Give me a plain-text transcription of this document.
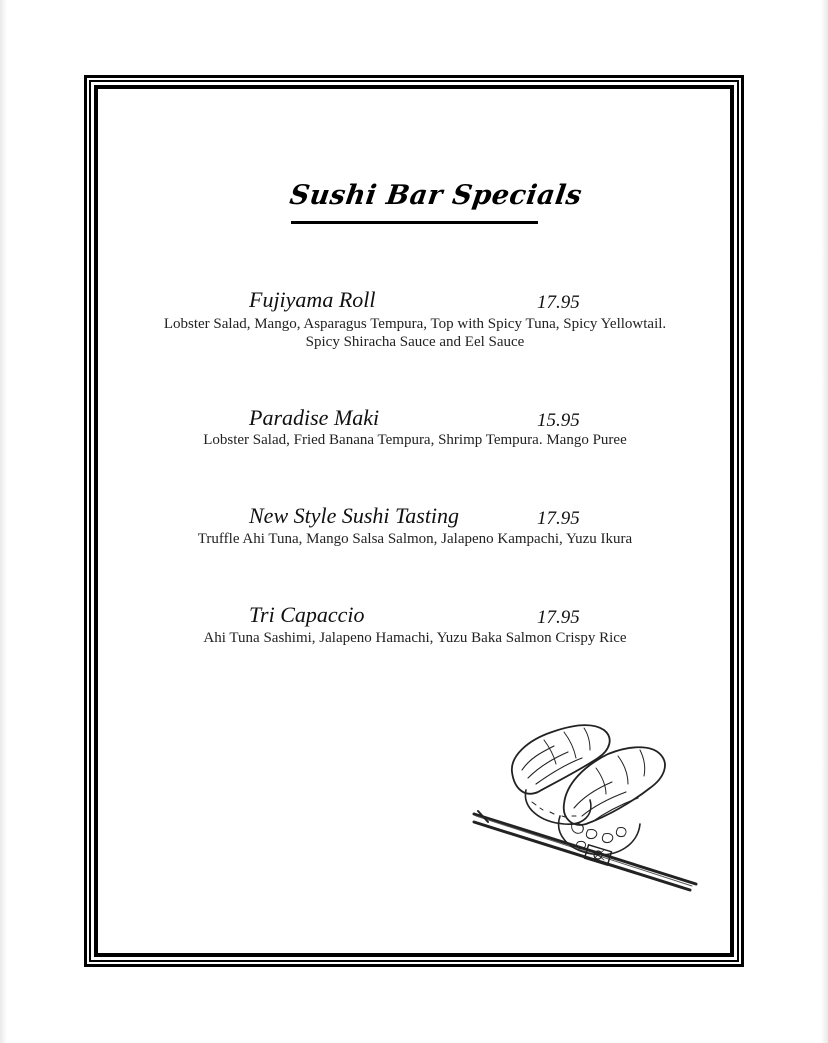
Sushi Bar Specials
Fujiyama Roll	17.95
Lobster Salad, Mango, Asparagus Tempura, Top with Spicy Tuna, Spicy Yellowtail.
Spicy Shiracha Sauce and Eel Sauce
Paradise Maki	15.95
Lobster Salad, Fried Banana Tempura, Shrimp Tempura. Mango Puree
New Style Sushi Tasting	17.95
Truffle Ahi Tuna, Mango Salsa Salmon, Jalapeno Kampachi, Yuzu Ikura
Tri Capaccio	17.95
Ahi Tuna Sashimi, Jalapeno Hamachi, Yuzu Baka Salmon Crispy Rice
